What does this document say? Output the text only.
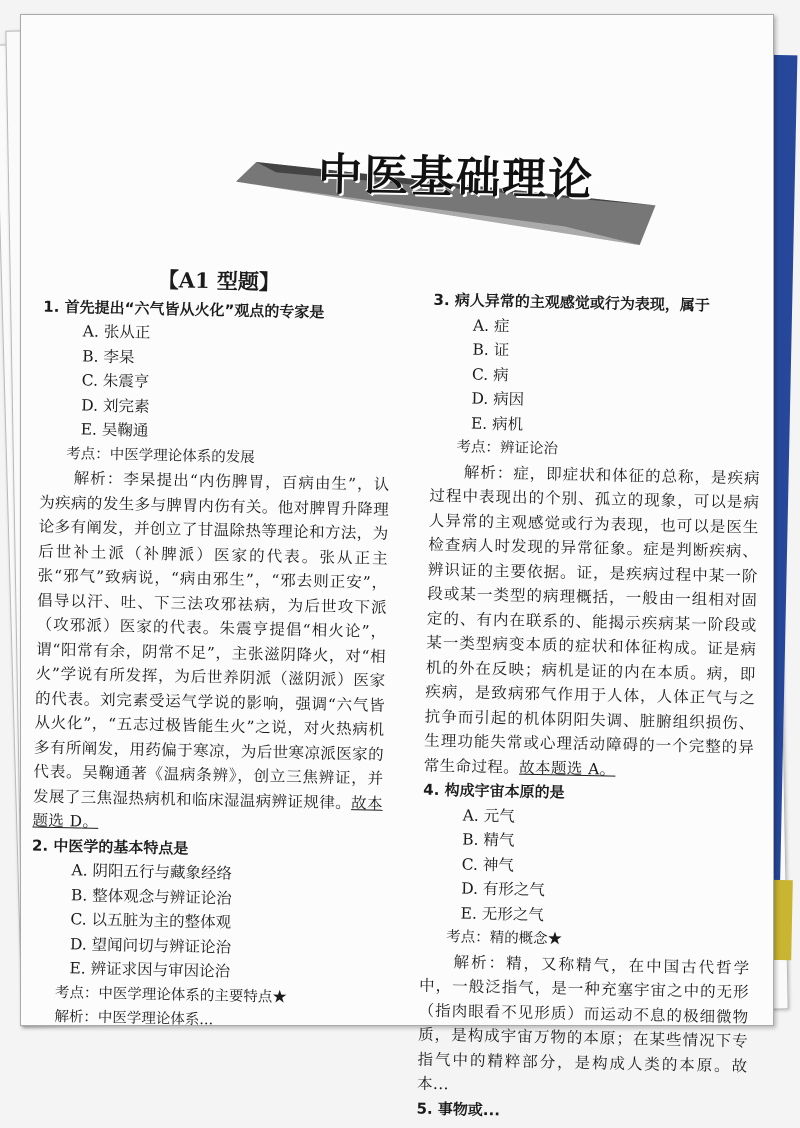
中医基础理论
【A1 型题】
1. 首先提出“六气皆从火化”观点的专家是
A. 张从正
B. 李杲
C. 朱震亨
D. 刘完素
E. 吴鞠通
考点：中医学理论体系的发展
解析：李杲提出“内伤脾胃，百病由生”，认为疾病的发生多与脾胃内伤有关。他对脾胃升降理论多有阐发，并创立了甘温除热等理论和方法，为后世补土派（补脾派）医家的代表。张从正主张“邪气”致病说，“病由邪生”，“邪去则正安”，倡导以汗、吐、下三法攻邪祛病，为后世攻下派（攻邪派）医家的代表。朱震亨提倡“相火论”，谓“阳常有余，阴常不足”，主张滋阴降火，对“相火”学说有所发挥，为后世养阴派（滋阴派）医家的代表。刘完素受运气学说的影响，强调“六气皆从火化”，“五志过极皆能生火”之说，对火热病机多有所阐发，用药偏于寒凉，为后世寒凉派医家的代表。吴鞠通著《温病条辨》，创立三焦辨证，并发展了三焦湿热病机和临床湿温病辨证规律。故本题选 D。
2. 中医学的基本特点是
A. 阴阳五行与藏象经络
B. 整体观念与辨证论治
C. 以五脏为主的整体观
D. 望闻问切与辨证论治
E. 辨证求因与审因论治
考点：中医学理论体系的主要特点★
解析：中医学理论体系...
3. 病人异常的主观感觉或行为表现，属于
A. 症
B. 证
C. 病
D. 病因
E. 病机
考点：辨证论治
解析：症，即症状和体征的总称，是疾病过程中表现出的个别、孤立的现象，可以是病人异常的主观感觉或行为表现，也可以是医生检查病人时发现的异常征象。症是判断疾病、辨识证的主要依据。证，是疾病过程中某一阶段或某一类型的病理概括，一般由一组相对固定的、有内在联系的、能揭示疾病某一阶段或某一类型病变本质的症状和体征构成。证是病机的外在反映；病机是证的内在本质。病，即疾病，是致病邪气作用于人体，人体正气与之抗争而引起的机体阴阳失调、脏腑组织损伤、生理功能失常或心理活动障碍的一个完整的异常生命过程。故本题选 A。
4. 构成宇宙本原的是
A. 元气
B. 精气
C. 神气
D. 有形之气
E. 无形之气
考点：精的概念★
解析：精，又称精气，在中国古代哲学中，一般泛指气，是一种充塞宇宙之中的无形（指肉眼看不见形质）而运动不息的极细微物质，是构成宇宙万物的本原；在某些情况下专指气中的精粹部分，是构成人类的本原。故本...
5. 事物或...
